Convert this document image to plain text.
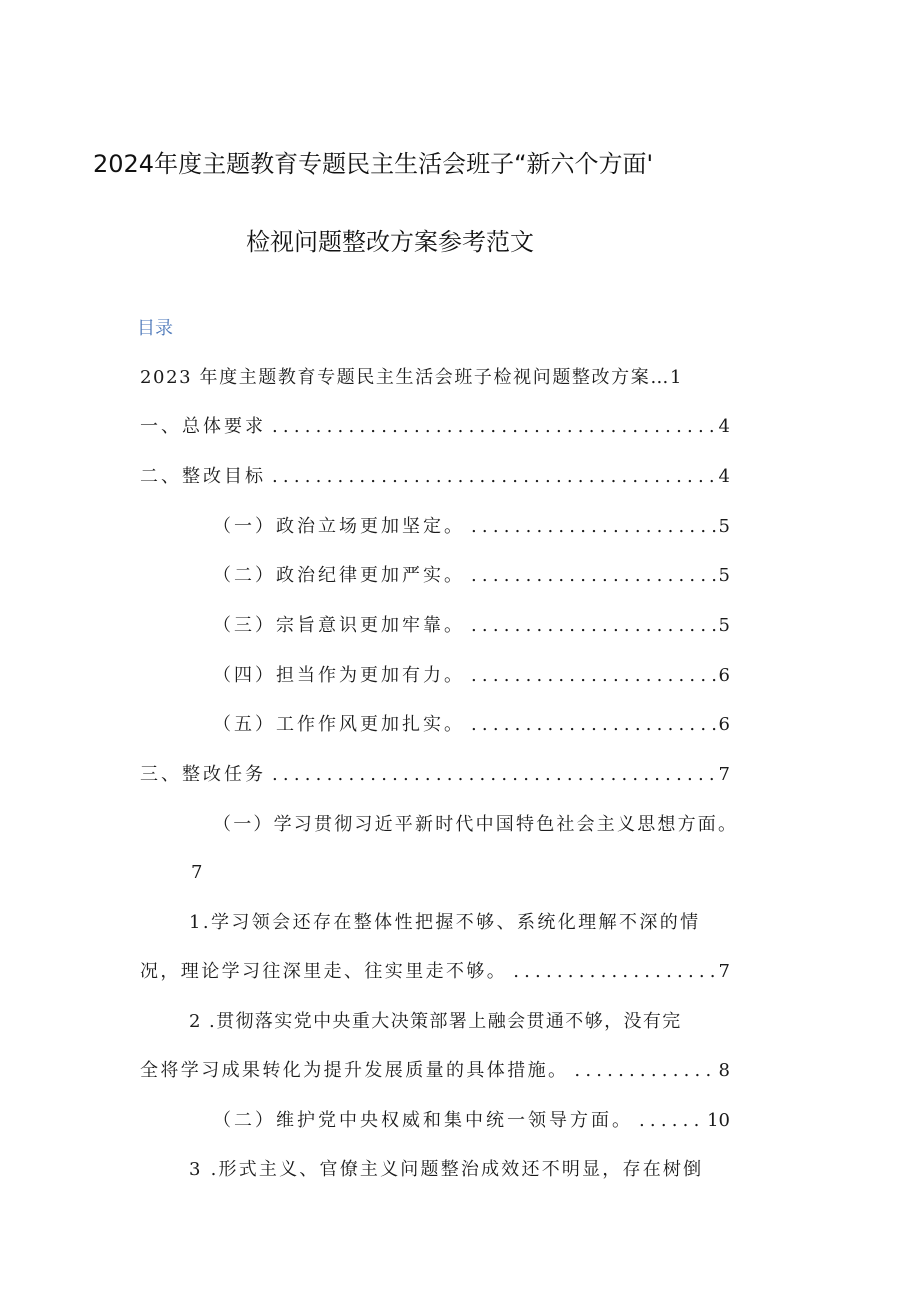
2024年度主题教育专题民主生活会班子“新六个方面'
检视问题整改方案参考范文
目录
2023 年度主题教育专题民主生活会班子检视问题整改方案…1
一、总体要求 .....	4
二、整改目标 .....	4
（一）政治立场更加坚定。 .....	5
（二）政治纪律更加严实。 .....	5
（三）宗旨意识更加牢靠。 .....	5
（四）担当作为更加有力。 .....	6
（五）工作作风更加扎实。 .....	6
三、整改任务 .....	7
（一）学习贯彻习近平新时代中国特色社会主义思想方面。
7
1.学习领会还存在整体性把握不够、系统化理解不深的情
况，理论学习往深里走、往实里走不够。 .....	7
2 .贯彻落实党中央重大决策部署上融会贯通不够，没有完
全将学习成果转化为提升发展质量的具体措施。 .....	8
（二）维护党中央权威和集中统一领导方面。 .....	10
3 .形式主义、官僚主义问题整治成效还不明显，存在树倒
